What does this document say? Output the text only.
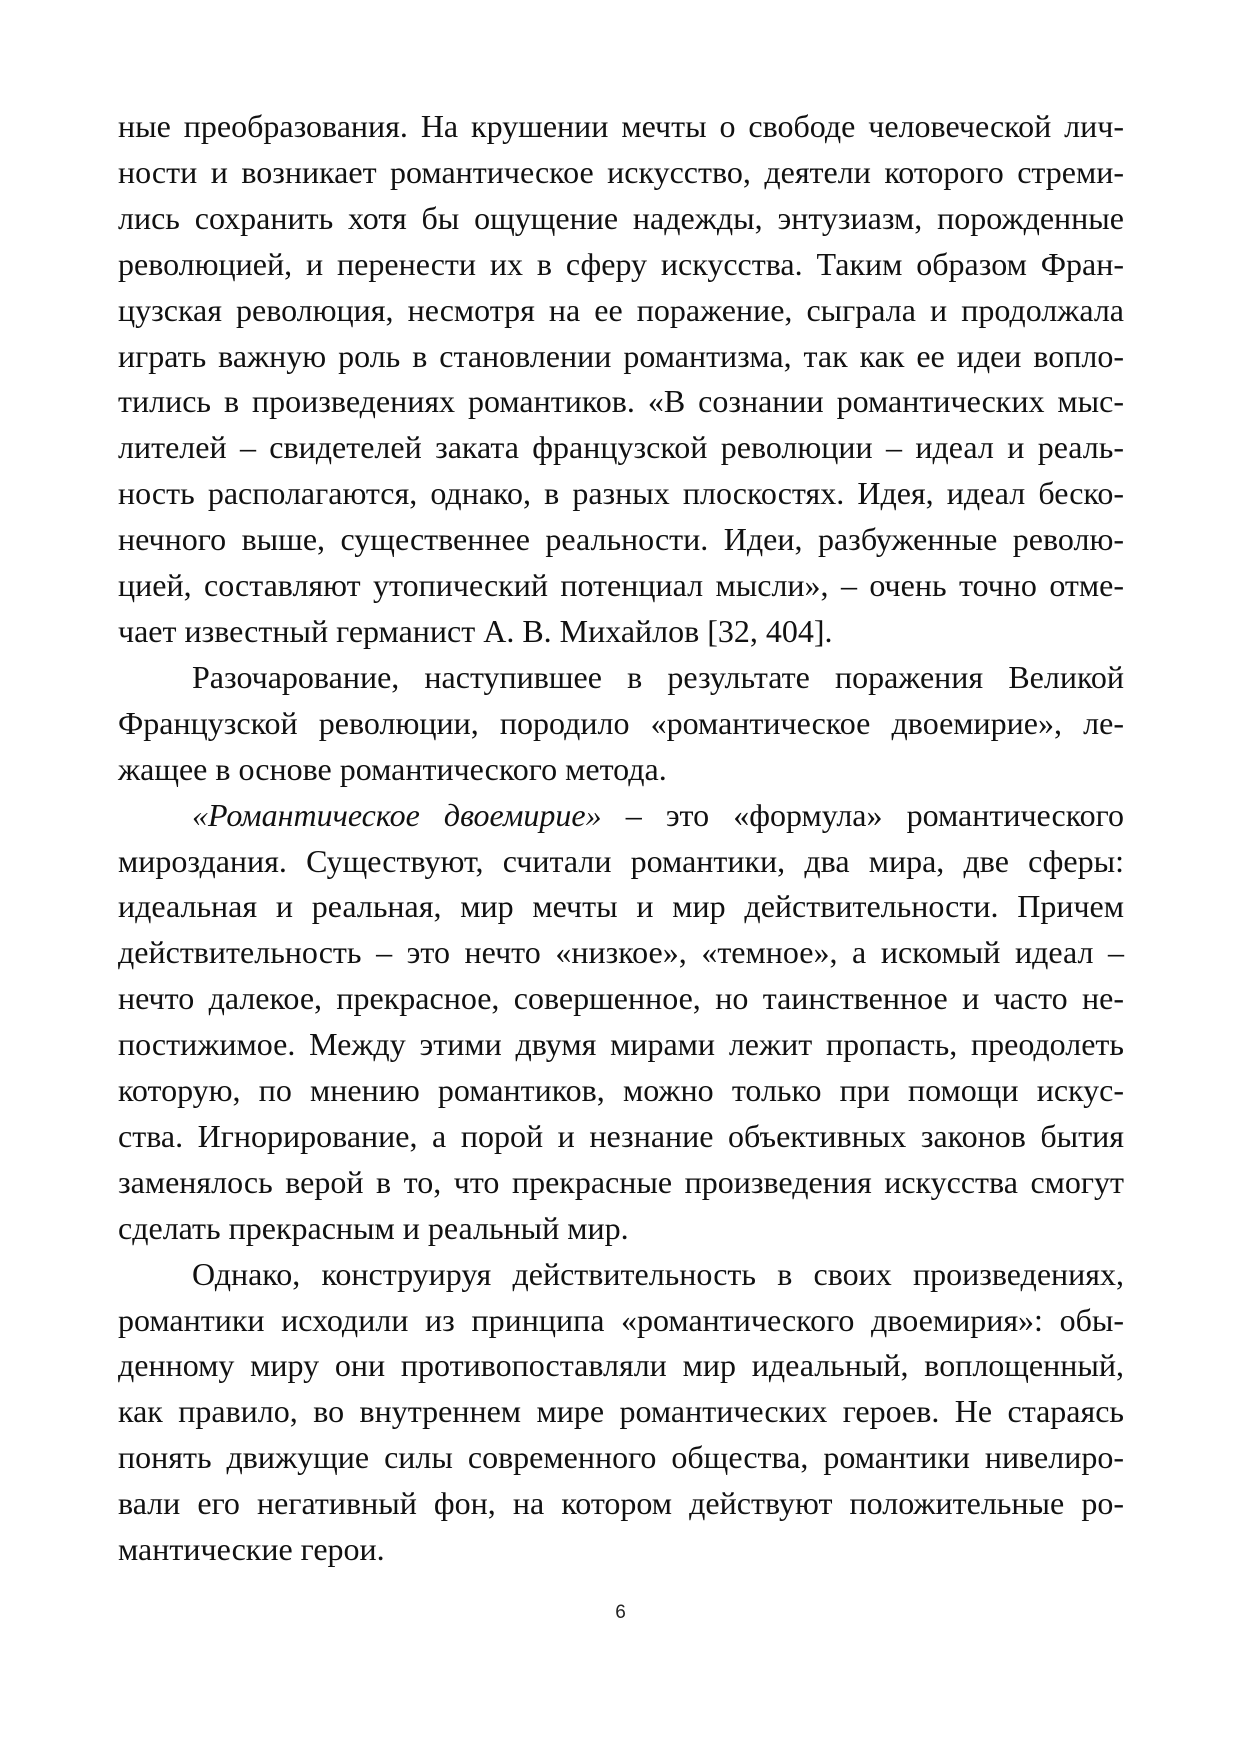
ные преобразования. На крушении мечты о свободе человеческой лич-
ности и возникает романтическое искусство, деятели которого стреми-
лись сохранить хотя бы ощущение надежды, энтузиазм, порожденные
революцией, и перенести их в сферу искусства. Таким образом Фран-
цузская революция, несмотря на ее поражение, сыграла и продолжала
играть важную роль в становлении романтизма, так как ее идеи вопло-
тились в произведениях романтиков. «В сознании романтических мыс-
лителей – свидетелей заката французской революции – идеал и реаль-
ность располагаются, однако, в разных плоскостях. Идея, идеал беско-
нечного выше, существеннее реальности. Идеи, разбуженные револю-
цией, составляют утопический потенциал мысли», – очень точно отме-
чает известный германист А. В. Михайлов [32, 404].
Разочарование, наступившее в результате поражения Великой
Французской революции, породило «романтическое двоемирие», ле-
жащее в основе романтического метода.
«Романтическое двоемирие» – это «формула» романтического
мироздания. Существуют, считали романтики, два мира, две сферы:
идеальная и реальная, мир мечты и мир действительности. Причем
действительность – это нечто «низкое», «темное», а искомый идеал –
нечто далекое, прекрасное, совершенное, но таинственное и часто не-
постижимое. Между этими двумя мирами лежит пропасть, преодолеть
которую, по мнению романтиков, можно только при помощи искус-
ства. Игнорирование, а порой и незнание объективных законов бытия
заменялось верой в то, что прекрасные произведения искусства смогут
сделать прекрасным и реальный мир.
Однако, конструируя действительность в своих произведениях,
романтики исходили из принципа «романтического двоемирия»: обы-
денному миру они противопоставляли мир идеальный, воплощенный,
как правило, во внутреннем мире романтических героев. Не стараясь
понять движущие силы современного общества, романтики нивелиро-
вали его негативный фон, на котором действуют положительные ро-
мантические герои.
6
